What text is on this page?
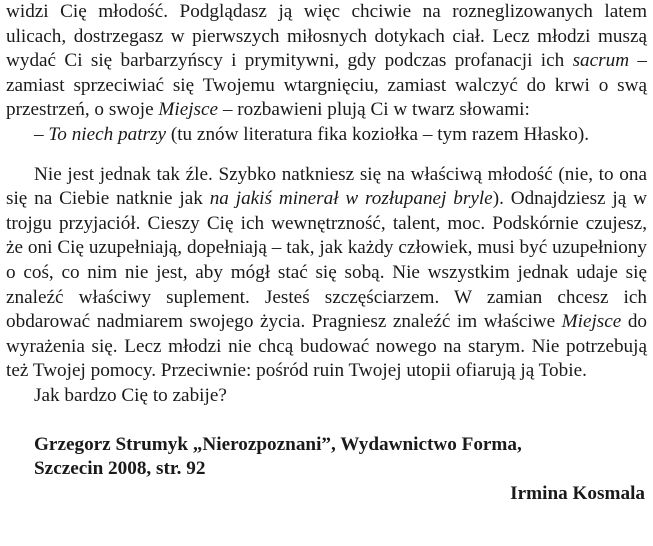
widzi Cię młodość. Podglądasz ją więc chciwie na rozneglizowanych latem ulicach, dostrzegasz w pierwszych miłosnych dotykach ciał. Lecz młodzi muszą wydać Ci się barbarzyńscy i prymitywni, gdy podczas profanacji ich sacrum – zamiast sprzeciwiać się Twojemu wtargnięciu, zamiast walczyć do krwi o swą przestrzeń, o swoje Miejsce – rozbawieni plują Ci w twarz słowami:

– To niech patrzy (tu znów literatura fika koziołka – tym razem Hłasko).

Nie jest jednak tak źle. Szybko natkniesz się na właściwą młodość (nie, to ona się na Ciebie natknie jak na jakiś minerał w rozłupanej bryle). Odnajdziesz ją w trojgu przyjaciół. Cieszy Cię ich wewnętrzność, talent, moc. Podskórnie czujesz, że oni Cię uzupełniają, dopełniają – tak, jak każdy człowiek, musi być uzupełniony o coś, co nim nie jest, aby mógł stać się sobą. Nie wszystkim jednak udaje się znaleźć właściwy suplement. Jesteś szczęściarzem. W zamian chcesz ich obdarować nadmiarem swojego życia. Pragniesz znaleźć im właściwe Miejsce do wyrażenia się. Lecz młodzi nie chcą budować nowego na starym. Nie potrzebują też Twojej pomocy. Przeciwnie: pośród ruin Twojej utopii ofiarują ją Tobie.

Jak bardzo Cię to zabije?

Grzegorz Strumyk „Nierozpoznani”, Wydawnictwo Forma,

Szczecin 2008, str. 92

Irmina Kosmala
